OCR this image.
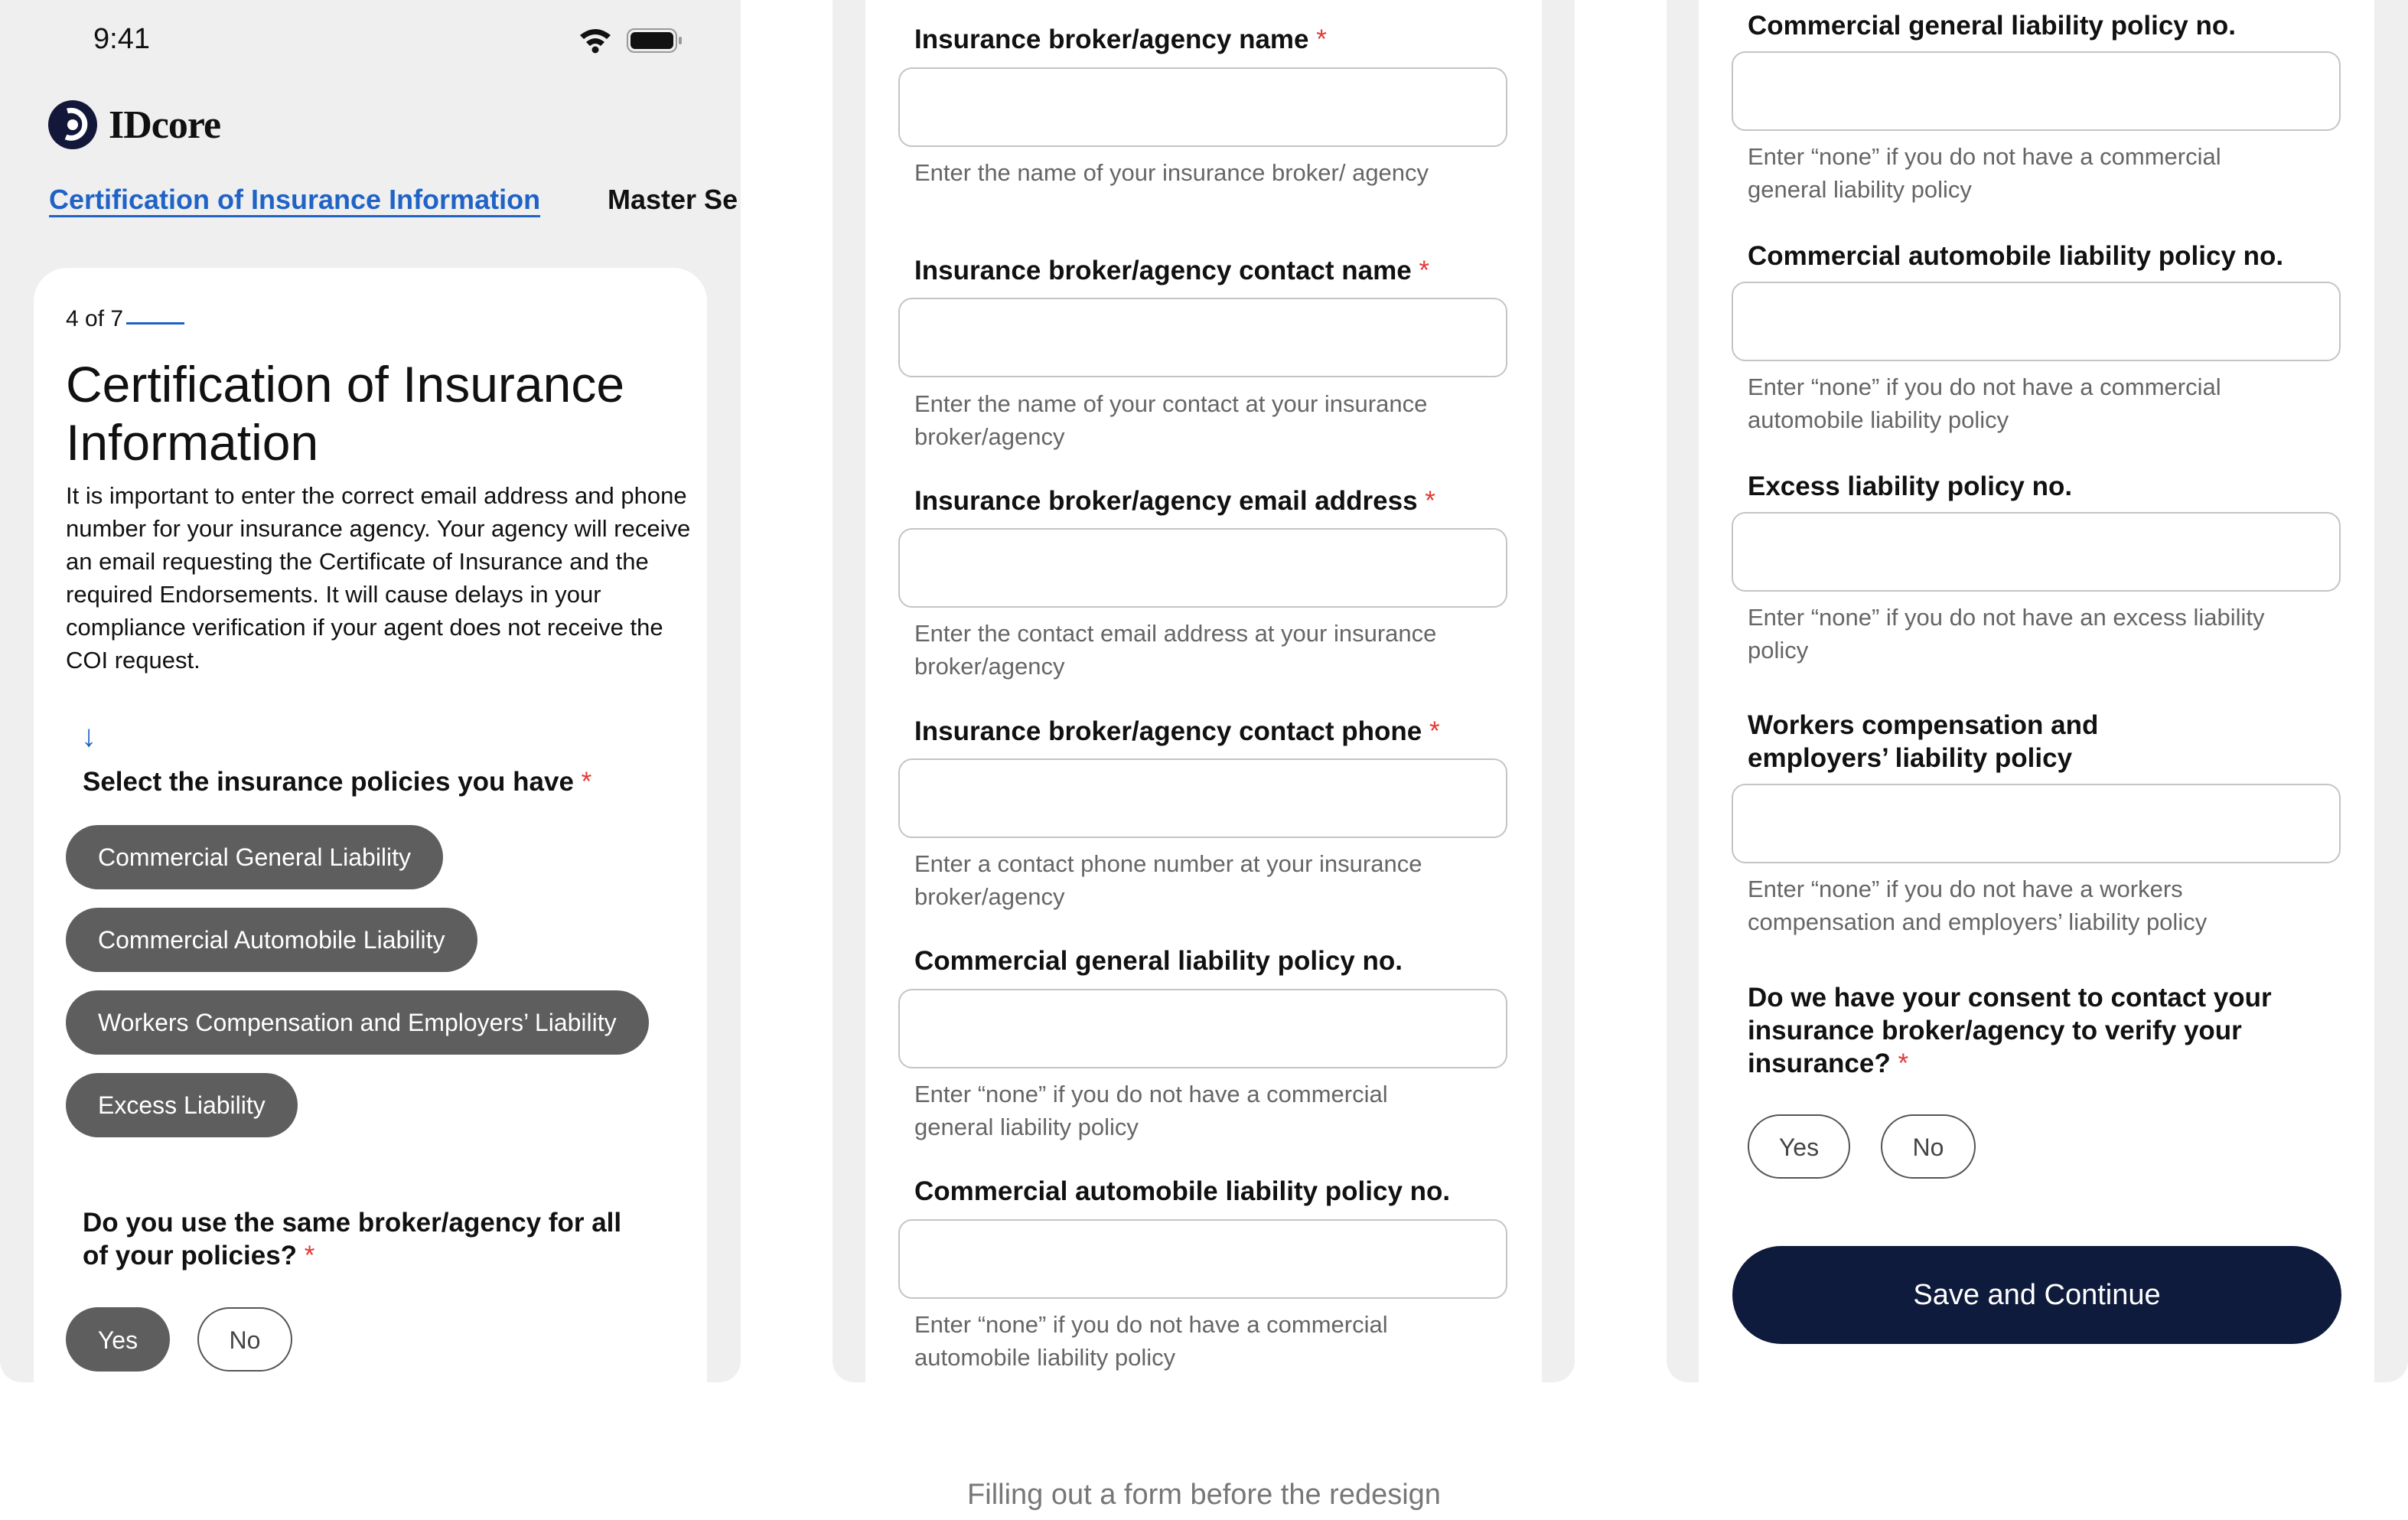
9:41
IDcore
Certification of Insurance Information Master Se
4 of 7
Certification of Insurance Information
It is important to enter the correct email address and phone number for your insurance agency. Your agency will receive an email requesting the Certificate of Insurance and the required Endorsements. It will cause delays in your compliance verification if your agent does not receive the COI request.
↓
Select the insurance policies you have *
Commercial General Liability
Commercial Automobile Liability
Workers Compensation and Employers’ Liability
Excess Liability
Do you use the same broker/agency for all of your policies? *
Yes	No
Insurance broker/agency name *
Enter the name of your insurance broker/ agency
Insurance broker/agency contact name *
Enter the name of your contact at your insurance broker/agency
Insurance broker/agency email address *
Enter the contact email address at your insurance broker/agency
Insurance broker/agency contact phone *
Enter a contact phone number at your insurance broker/agency
Commercial general liability policy no.
Enter “none” if you do not have a commercial general liability policy
Commercial automobile liability policy no.
Enter “none” if you do not have a commercial automobile liability policy
Commercial general liability policy no.
Enter “none” if you do not have a commercial general liability policy
Commercial automobile liability policy no.
Enter “none” if you do not have a commercial automobile liability policy
Excess liability policy no.
Enter “none” if you do not have an excess liability policy
Workers compensation and employers’ liability policy
Enter “none” if you do not have a workers compensation and employers’ liability policy
Do we have your consent to contact your insurance broker/agency to verify your insurance? *
Yes	No
Save and Continue
Filling out a form before the redesign
